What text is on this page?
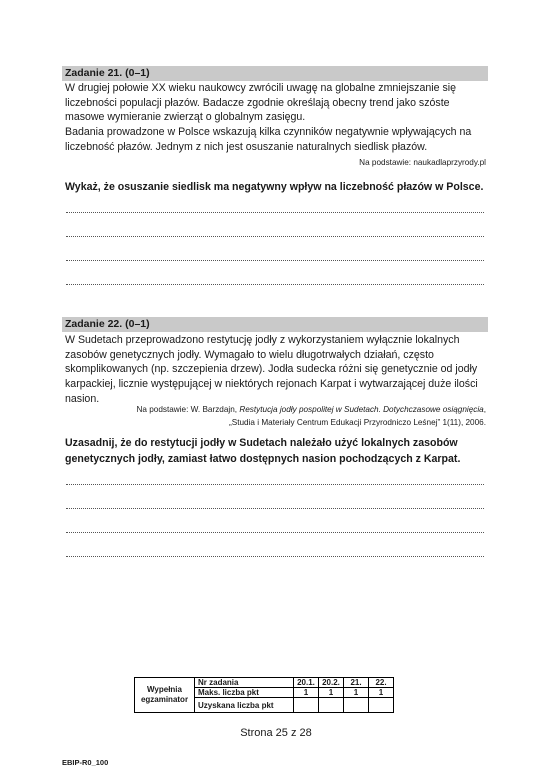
Zadanie 21. (0–1)

W drugiej połowie XX wieku naukowcy zwrócili uwagę na globalne zmniejszanie się liczebności populacji płazów. Badacze zgodnie określają obecny trend jako szóste masowe wymieranie zwierząt o globalnym zasięgu.

Badania prowadzone w Polsce wskazują kilka czynników negatywnie wpływających na liczebność płazów. Jednym z nich jest osuszanie naturalnych siedlisk płazów.

Na podstawie: naukadlaprzyrody.pl

Wykaż, że osuszanie siedlisk ma negatywny wpływ na liczebność płazów w Polsce.

Zadanie 22. (0–1)

W Sudetach przeprowadzono restytucję jodły z wykorzystaniem wyłącznie lokalnych zasobów genetycznych jodły. Wymagało to wielu długotrwałych działań, często skomplikowanych (np. szczepienia drzew). Jodła sudecka różni się genetycznie od jodły karpackiej, licznie występującej w niektórych rejonach Karpat i wytwarzającej duże ilości nasion.

Na podstawie: W. Barzdajn, Restytucja jodły pospolitej w Sudetach. Dotychczasowe osiągnięcia,
„Studia i Materiały Centrum Edukacji Przyrodniczo Leśnej” 1(11), 2006.

Uzasadnij, że do restytucji jodły w Sudetach należało użyć lokalnych zasobów genetycznych jodły, zamiast łatwo dostępnych nasion pochodzących z Karpat.

Wypełnia egzaminator	Nr zadania	20.1.	20.2.	21.	22.
	Maks. liczba pkt	1	1	1	1
	Uzyskana liczba pkt				
Strona 25 z 28
EBIP-R0_100
